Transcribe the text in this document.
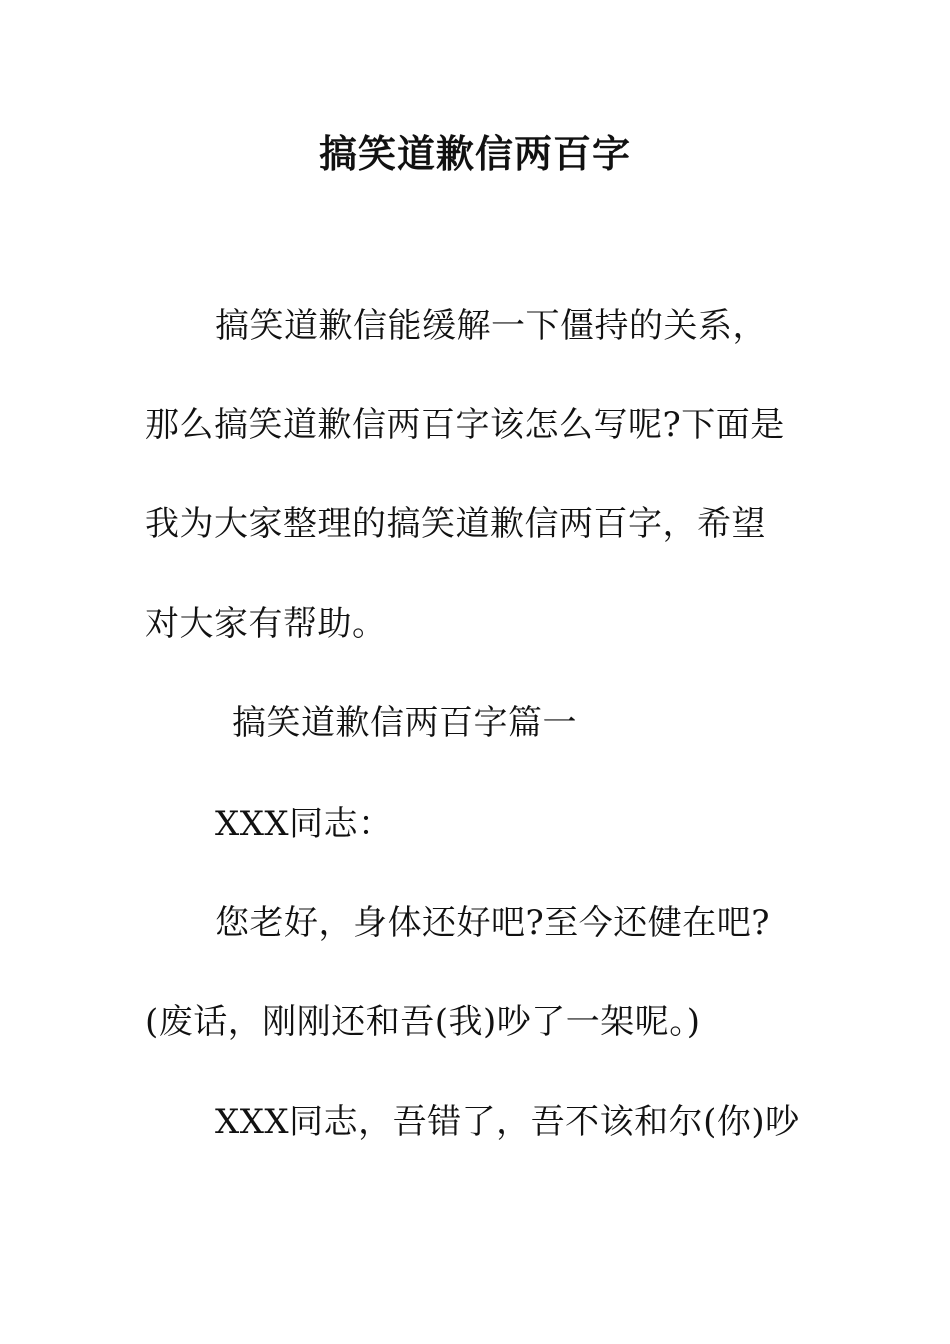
搞笑道歉信两百字
搞笑道歉信能缓解一下僵持的关系，
那么搞笑道歉信两百字该怎么写呢?下面是
我为大家整理的搞笑道歉信两百字，希望
对大家有帮助。
搞笑道歉信两百字篇一
XXX同志：
您老好，身体还好吧?至今还健在吧?
(废话，刚刚还和吾(我)吵了一架呢。)
XXX同志，吾错了，吾不该和尔(你)吵
